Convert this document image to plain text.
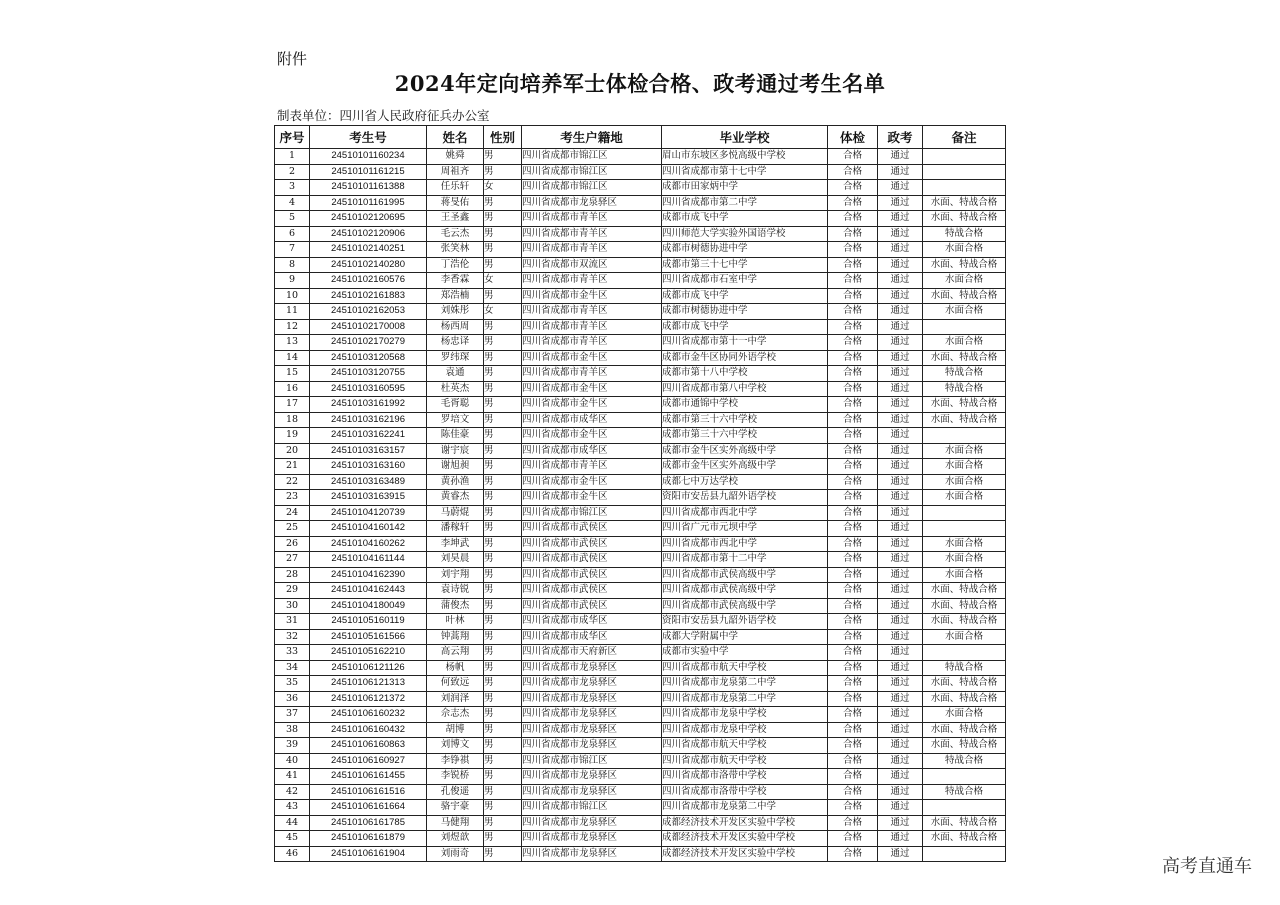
附件
2024年定向培养军士体检合格、政考通过考生名单
制表单位：四川省人民政府征兵办公室
序号	考生号	姓名	性别	考生户籍地	毕业学校	体检	政考	备注
1	24510101160234	姚舜	男	四川省成都市锦江区	眉山市东坡区多悦高级中学校	合格	通过	
2	24510101161215	周祖齐	男	四川省成都市锦江区	四川省成都市第十七中学	合格	通过	
3	24510101161388	任乐轩	女	四川省成都市锦江区	成都市田家炳中学	合格	通过	
4	24510101161995	蒋旻佑	男	四川省成都市龙泉驿区	四川省成都市第二中学	合格	通过	水面、特战合格
5	24510102120695	王圣鑫	男	四川省成都市青羊区	成都市成飞中学	合格	通过	水面、特战合格
6	24510102120906	毛云杰	男	四川省成都市青羊区	四川师范大学实验外国语学校	合格	通过	特战合格
7	24510102140251	张笑林	男	四川省成都市青羊区	成都市树德协进中学	合格	通过	水面合格
8	24510102140280	丁浩伦	男	四川省成都市双流区	成都市第三十七中学	合格	通过	水面、特战合格
9	24510102160576	李香霖	女	四川省成都市青羊区	四川省成都市石室中学	合格	通过	水面合格
10	24510102161883	郑浩楠	男	四川省成都市金牛区	成都市成飞中学	合格	通过	水面、特战合格
11	24510102162053	刘姝彤	女	四川省成都市青羊区	成都市树德协进中学	合格	通过	水面合格
12	24510102170008	杨西周	男	四川省成都市青羊区	成都市成飞中学	合格	通过	
13	24510102170279	杨忠译	男	四川省成都市青羊区	四川省成都市第十一中学	合格	通过	水面合格
14	24510103120568	罗纬琛	男	四川省成都市金牛区	成都市金牛区协同外语学校	合格	通过	水面、特战合格
15	24510103120755	袁通	男	四川省成都市青羊区	成都市第十八中学校	合格	通过	特战合格
16	24510103160595	杜英杰	男	四川省成都市金牛区	四川省成都市第八中学校	合格	通过	特战合格
17	24510103161992	毛胥聪	男	四川省成都市金牛区	成都市通锦中学校	合格	通过	水面、特战合格
18	24510103162196	罗培文	男	四川省成都市成华区	成都市第三十六中学校	合格	通过	水面、特战合格
19	24510103162241	陈佳豪	男	四川省成都市金牛区	成都市第三十六中学校	合格	通过	
20	24510103163157	谢宇宸	男	四川省成都市成华区	成都市金牛区实外高级中学	合格	通过	水面合格
21	24510103163160	谢旭昶	男	四川省成都市青羊区	成都市金牛区实外高级中学	合格	通过	水面合格
22	24510103163489	黄孙渔	男	四川省成都市金牛区	成都七中万达学校	合格	通过	水面合格
23	24510103163915	黄睿杰	男	四川省成都市金牛区	资阳市安岳县九韶外语学校	合格	通过	水面合格
24	24510104120739	马蔚焜	男	四川省成都市锦江区	四川省成都市西北中学	合格	通过	
25	24510104160142	潘稼轩	男	四川省成都市武侯区	四川省广元市元坝中学	合格	通过	
26	24510104160262	李坤武	男	四川省成都市武侯区	四川省成都市西北中学	合格	通过	水面合格
27	24510104161144	刘昊晨	男	四川省成都市武侯区	四川省成都市第十二中学	合格	通过	水面合格
28	24510104162390	刘宇翔	男	四川省成都市武侯区	四川省成都市武侯高级中学	合格	通过	水面合格
29	24510104162443	袁诗锐	男	四川省成都市武侯区	四川省成都市武侯高级中学	合格	通过	水面、特战合格
30	24510104180049	蒲俊杰	男	四川省成都市武侯区	四川省成都市武侯高级中学	合格	通过	水面、特战合格
31	24510105160119	叶林	男	四川省成都市成华区	资阳市安岳县九韶外语学校	合格	通过	水面、特战合格
32	24510105161566	钟蒿翔	男	四川省成都市成华区	成都大学附属中学	合格	通过	水面合格
33	24510105162210	高云翔	男	四川省成都市天府新区	成都市实验中学	合格	通过	
34	24510106121126	杨帆	男	四川省成都市龙泉驿区	四川省成都市航天中学校	合格	通过	特战合格
35	24510106121313	何致远	男	四川省成都市龙泉驿区	四川省成都市龙泉第二中学	合格	通过	水面、特战合格
36	24510106121372	刘润泽	男	四川省成都市龙泉驿区	四川省成都市龙泉第二中学	合格	通过	水面、特战合格
37	24510106160232	佘志杰	男	四川省成都市龙泉驿区	四川省成都市龙泉中学校	合格	通过	水面合格
38	24510106160432	胡博	男	四川省成都市龙泉驿区	四川省成都市龙泉中学校	合格	通过	水面、特战合格
39	24510106160863	刘博文	男	四川省成都市龙泉驿区	四川省成都市航天中学校	合格	通过	水面、特战合格
40	24510106160927	李铮祺	男	四川省成都市锦江区	四川省成都市航天中学校	合格	通过	特战合格
41	24510106161455	李锐桥	男	四川省成都市龙泉驿区	四川省成都市洛带中学校	合格	通过	
42	24510106161516	孔俊遥	男	四川省成都市龙泉驿区	四川省成都市洛带中学校	合格	通过	特战合格
43	24510106161664	骆宇豪	男	四川省成都市锦江区	四川省成都市龙泉第二中学	合格	通过	
44	24510106161785	马健翔	男	四川省成都市龙泉驿区	成都经济技术开发区实验中学校	合格	通过	水面、特战合格
45	24510106161879	刘煜歆	男	四川省成都市龙泉驿区	成都经济技术开发区实验中学校	合格	通过	水面、特战合格
46	24510106161904	刘雨奇	男	四川省成都市龙泉驿区	成都经济技术开发区实验中学校	合格	通过	
高考直通车
